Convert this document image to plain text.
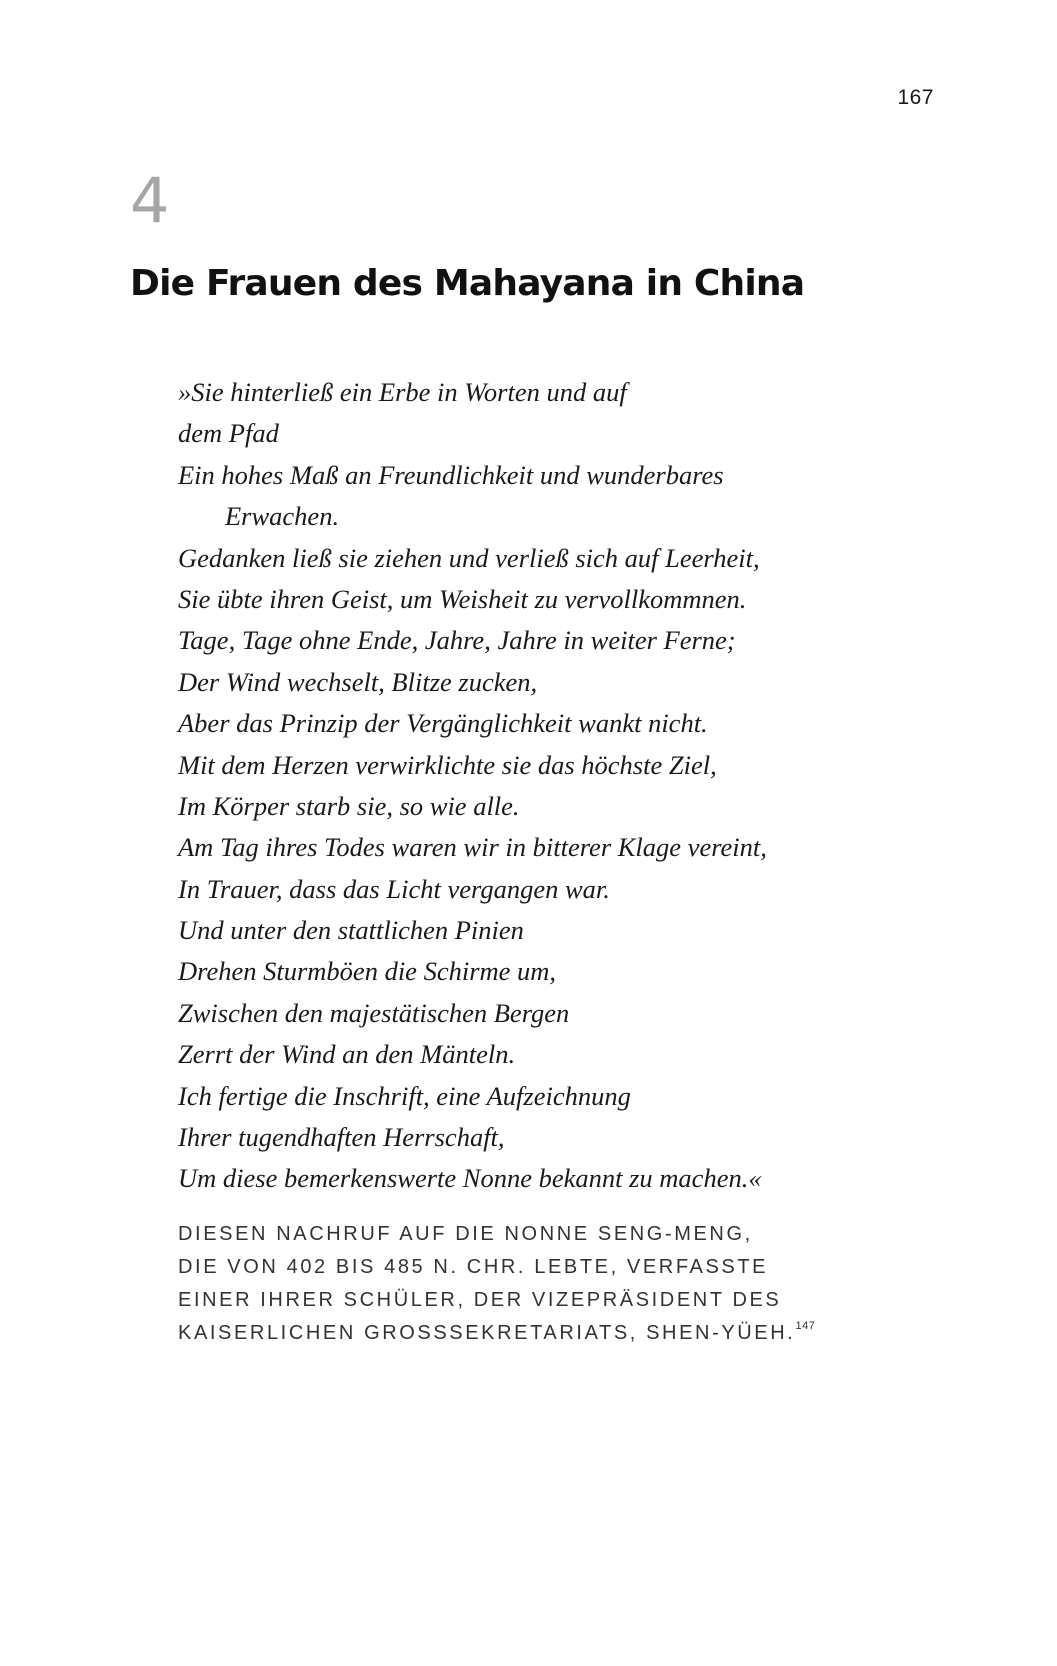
167
4
Die Frauen des Mahayana in China
»Sie hinterließ ein Erbe in Worten und auf
dem Pfad
Ein hohes Maß an Freundlichkeit und wunderbares
Erwachen.
Gedanken ließ sie ziehen und verließ sich auf Leerheit,
Sie übte ihren Geist, um Weisheit zu vervollkommnen.
Tage, Tage ohne Ende, Jahre, Jahre in weiter Ferne;
Der Wind wechselt, Blitze zucken,
Aber das Prinzip der Vergänglichkeit wankt nicht.
Mit dem Herzen verwirklichte sie das höchste Ziel,
Im Körper starb sie, so wie alle.
Am Tag ihres Todes waren wir in bitterer Klage vereint,
In Trauer, dass das Licht vergangen war.
Und unter den stattlichen Pinien
Drehen Sturmböen die Schirme um,
Zwischen den majestätischen Bergen
Zerrt der Wind an den Mänteln.
Ich fertige die Inschrift, eine Aufzeichnung
Ihrer tugendhaften Herrschaft,
Um diese bemerkenswerte Nonne bekannt zu machen.«
DIESEN NACHRUF AUF DIE NONNE SENG-MENG,
DIE VON 402 BIS 485 N. CHR. LEBTE, VERFASSTE
EINER IHRER SCHÜLER, DER VIZEPRÄSIDENT DES
KAISERLICHEN GROSSSEKRETARIATS, SHEN-YÜEH.$^{147}$
